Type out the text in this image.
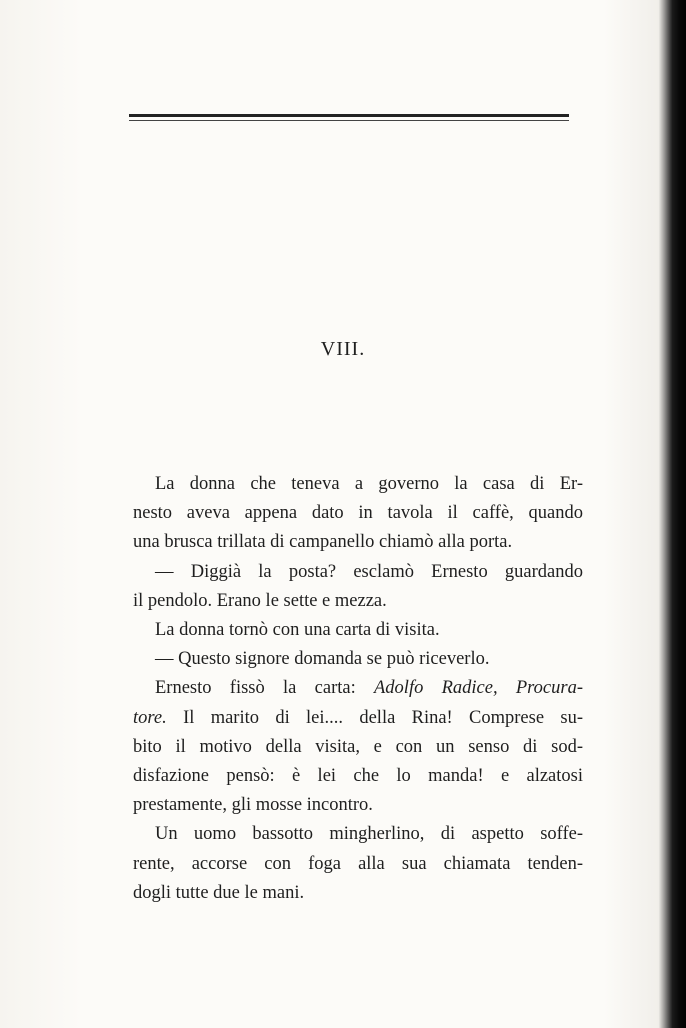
VIII.
La donna che teneva a governo la casa di Er-
nesto aveva appena dato in tavola il caffè, quando
una brusca trillata di campanello chiamò alla porta.
— Diggià la posta? esclamò Ernesto guardando
il pendolo. Erano le sette e mezza.
La donna tornò con una carta di visita.
— Questo signore domanda se può riceverlo.
Ernesto fissò la carta: Adolfo Radice, Procura-
tore. Il marito di lei.... della Rina! Comprese su-
bito il motivo della visita, e con un senso di sod-
disfazione pensò: è lei che lo manda! e alzatosi
prestamente, gli mosse incontro.
Un uomo bassotto mingherlino, di aspetto soffe-
rente, accorse con foga alla sua chiamata tenden-
dogli tutte due le mani.
